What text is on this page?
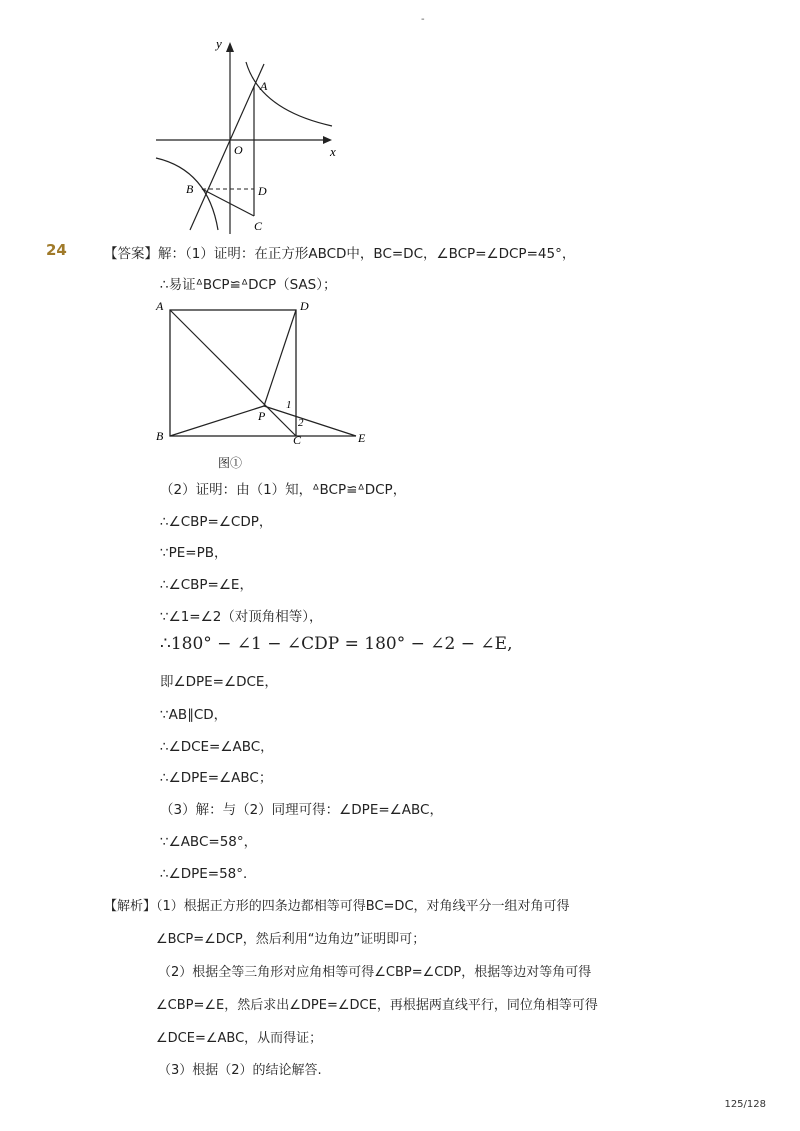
-
y
x
O
A
B	D
C
24	【答案】解：（1）证明：在正方形ABCD中，BC=DC，∠BCP=∠DCP=45°，
∴易证ᐞBCP≌ᐞDCP（SAS）；
A	D
B	C
P
E
1
2
图①
（2）证明：由（1）知，ᐞBCP≌ᐞDCP，
∴∠CBP=∠CDP，
∵PE=PB，
∴∠CBP=∠E，
∵∠1=∠2（对顶角相等），
∴180° − ∠1 − ∠CDP = 180° − ∠2 − ∠E,
即∠DPE=∠DCE，
∵AB∥CD，
∴∠DCE=∠ABC，
∴∠DPE=∠ABC；
（3）解：与（2）同理可得：∠DPE=∠ABC，
∵∠ABC=58°，
∴∠DPE=58°．
【解析】（1）根据正方形的四条边都相等可得BC=DC，对角线平分一组对角可得
∠BCP=∠DCP，然后利用“边角边”证明即可；
（2）根据全等三角形对应角相等可得∠CBP=∠CDP，根据等边对等角可得
∠CBP=∠E，然后求出∠DPE=∠DCE，再根据两直线平行，同位角相等可得
∠DCE=∠ABC，从而得证；
（3）根据（2）的结论解答.
125/128
